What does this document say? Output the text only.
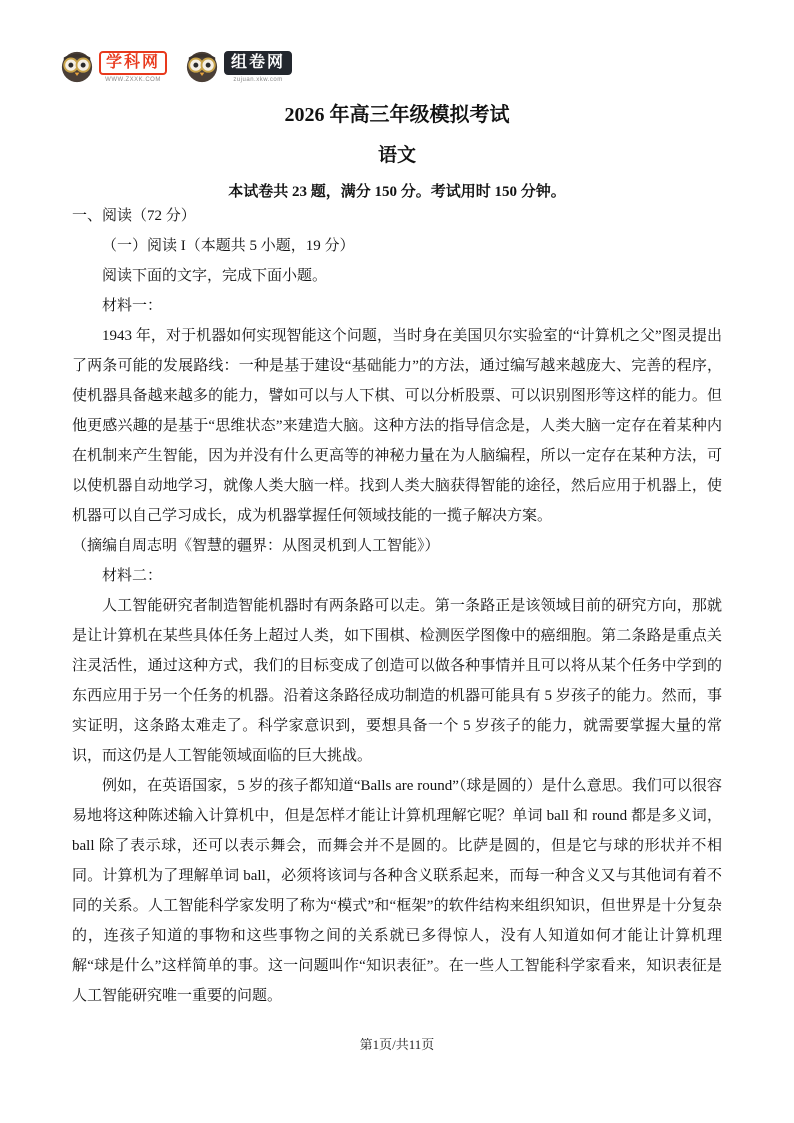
学科网
WWW.ZXXK.COM
组卷网
zujuan.xkw.com
2026 年高三年级模拟考试
语文

本试卷共 23 题，满分 150 分。考试用时 150 分钟。

一、阅读（72 分）

（一）阅读 I（本题共 5 小题，19 分）

阅读下面的文字，完成下面小题。

材料一：

1943 年，对于机器如何实现智能这个问题，当时身在美国贝尔实验室的“计算机之父”图灵提出了两条可能的发展路线：一种是基于建设“基础能力”的方法，通过编写越来越庞大、完善的程序，使机器具备越来越多的能力，譬如可以与人下棋、可以分析股票、可以识别图形等这样的能力。但他更感兴趣的是基于“思维状态”来建造大脑。这种方法的指导信念是，人类大脑一定存在着某种内在机制来产生智能，因为并没有什么更高等的神秘力量在为人脑编程，所以一定存在某种方法，可以使机器自动地学习，就像人类大脑一样。找到人类大脑获得智能的途径，然后应用于机器上，使机器可以自己学习成长，成为机器掌握任何领域技能的一揽子解决方案。

（摘编自周志明《智慧的疆界：从图灵机到人工智能》）

材料二：

人工智能研究者制造智能机器时有两条路可以走。第一条路正是该领域目前的研究方向，那就是让计算机在某些具体任务上超过人类，如下围棋、检测医学图像中的癌细胞。第二条路是重点关注灵活性，通过这种方式，我们的目标变成了创造可以做各种事情并且可以将从某个任务中学到的东西应用于另一个任务的机器。沿着这条路径成功制造的机器可能具有 5 岁孩子的能力。然而，事实证明，这条路太难走了。科学家意识到，要想具备一个 5 岁孩子的能力，就需要掌握大量的常识，而这仍是人工智能领域面临的巨大挑战。

例如，在英语国家，5 岁的孩子都知道“Balls are round”（球是圆的）是什么意思。我们可以很容易地将这种陈述输入计算机中，但是怎样才能让计算机理解它呢？单词 ball 和 round 都是多义词，ball 除了表示球，还可以表示舞会，而舞会并不是圆的。比萨是圆的，但是它与球的形状并不相同。计算机为了理解单词 ball，必须将该词与各种含义联系起来，而每一种含义又与其他词有着不同的关系。人工智能科学家发明了称为“模式”和“框架”的软件结构来组织知识，但世界是十分复杂的，连孩子知道的事物和这些事物之间的关系就已多得惊人，没有人知道如何才能让计算机理解“球是什么”这样简单的事。这一问题叫作“知识表征”。在一些人工智能科学家看来，知识表征是人工智能研究唯一重要的问题。

第1页/共11页
